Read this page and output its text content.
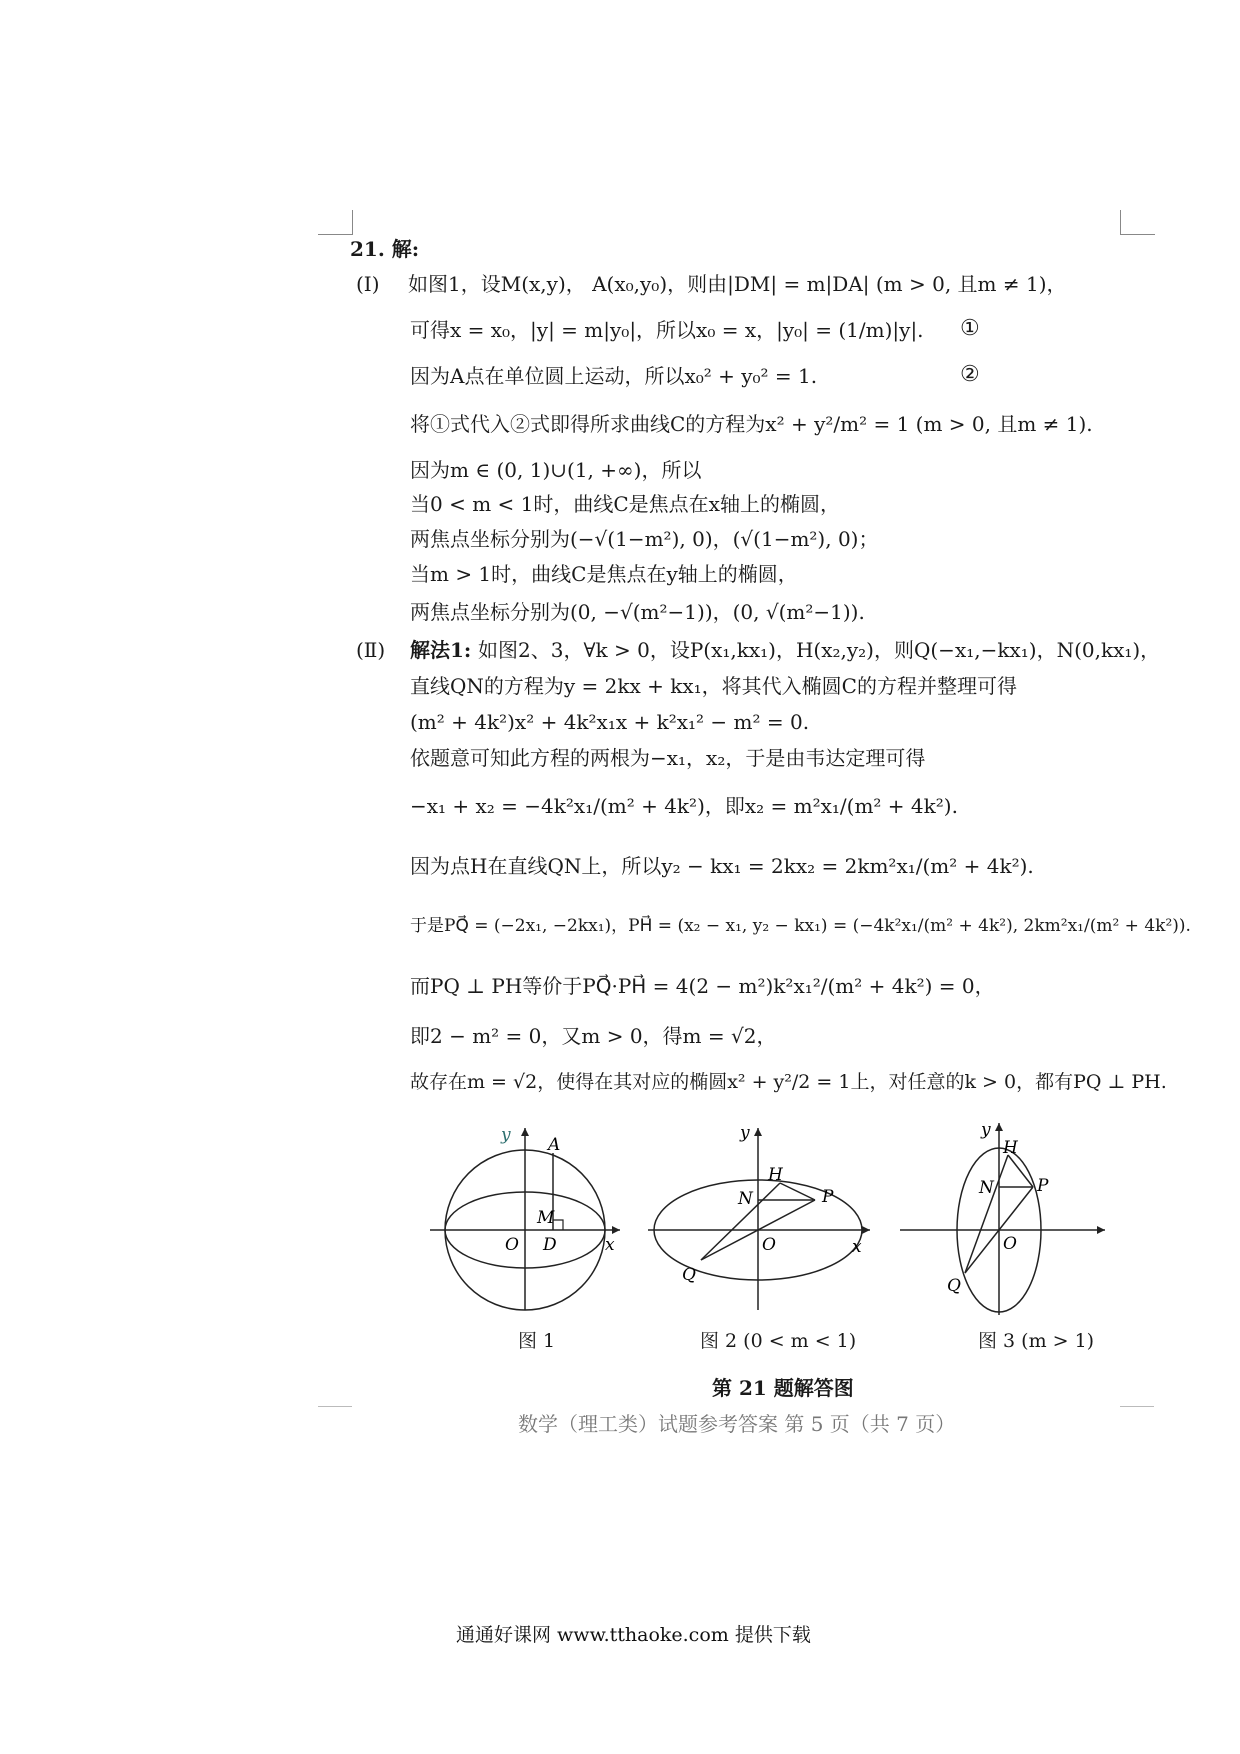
21. 解:
(Ⅰ) 如图1，设M(x,y)， A(x₀,y₀)，则由|DM| = m|DA| (m > 0, 且m ≠ 1)，
可得x = x₀，|y| = m|y₀|，所以x₀ = x，|y₀| = (1/m)|y|. ①
因为A点在单位圆上运动，所以x₀² + y₀² = 1.	②
将①式代入②式即得所求曲线C的方程为x² + y²/m² = 1 (m > 0, 且m ≠ 1).
因为m ∈ (0, 1)∪(1, +∞)，所以
当0 < m < 1时，曲线C是焦点在x轴上的椭圆，
两焦点坐标分别为(−√(1−m²), 0)，(√(1−m²), 0)；
当m > 1时，曲线C是焦点在y轴上的椭圆，
两焦点坐标分别为(0, −√(m²−1))，(0, √(m²−1)).
(Ⅱ) 解法1: 如图2、3，∀k > 0，设P(x₁,kx₁)，H(x₂,y₂)，则Q(−x₁,−kx₁)，N(0,kx₁)，
直线QN的方程为y = 2kx + kx₁，将其代入椭圆C的方程并整理可得
(m² + 4k²)x² + 4k²x₁x + k²x₁² − m² = 0.
依题意可知此方程的两根为−x₁，x₂，于是由韦达定理可得
−x₁ + x₂ = −4k²x₁/(m² + 4k²)，即x₂ = m²x₁/(m² + 4k²).
因为点H在直线QN上，所以y₂ − kx₁ = 2kx₂ = 2km²x₁/(m² + 4k²).
于是PQ⃗ = (−2x₁, −2kx₁)，PH⃗ = (x₂ − x₁, y₂ − kx₁) = (−4k²x₁/(m² + 4k²), 2km²x₁/(m² + 4k²)).
而PQ ⊥ PH等价于PQ⃗·PH⃗ = 4(2 − m²)k²x₁²/(m² + 4k²) = 0，
即2 − m² = 0，又m > 0，得m = √2，
故存在m = √2，使得在其对应的椭圆x² + y²/2 = 1上，对任意的k > 0，都有PQ ⊥ PH.
y A
M
O D	x
y
H
N	P
O
Q
x
y
H
N	P
O
Q
图 1	图 2 (0 < m < 1)	图 3 (m > 1)
第 21 题解答图
数学（理工类）试题参考答案 第 5 页（共 7 页）
通通好课网 www.tthaoke.com 提供下载
